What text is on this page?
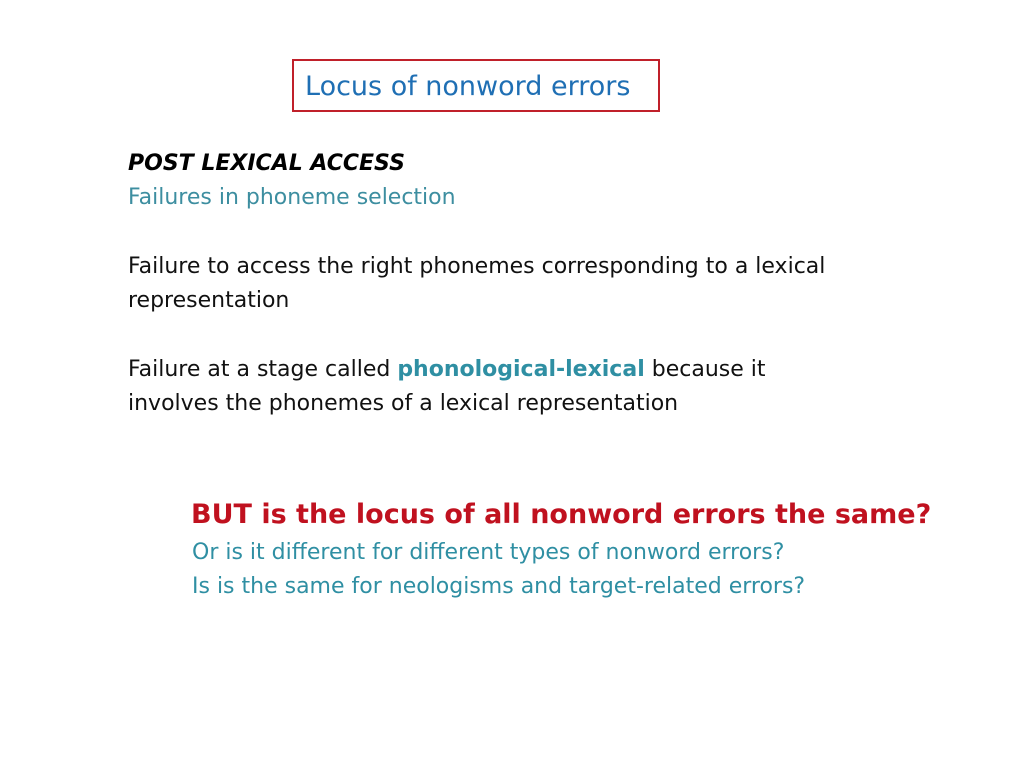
Locus of nonword errors
POST LEXICAL ACCESS
Failures in phoneme selection
Failure to access the right phonemes corresponding to a lexical representation
Failure at a stage called phonological-lexical because it involves the phonemes of a lexical representation
BUT is the locus of all nonword errors the same?
Or is it different for different types of nonword errors?
Is is the same for neologisms and target-related errors?
